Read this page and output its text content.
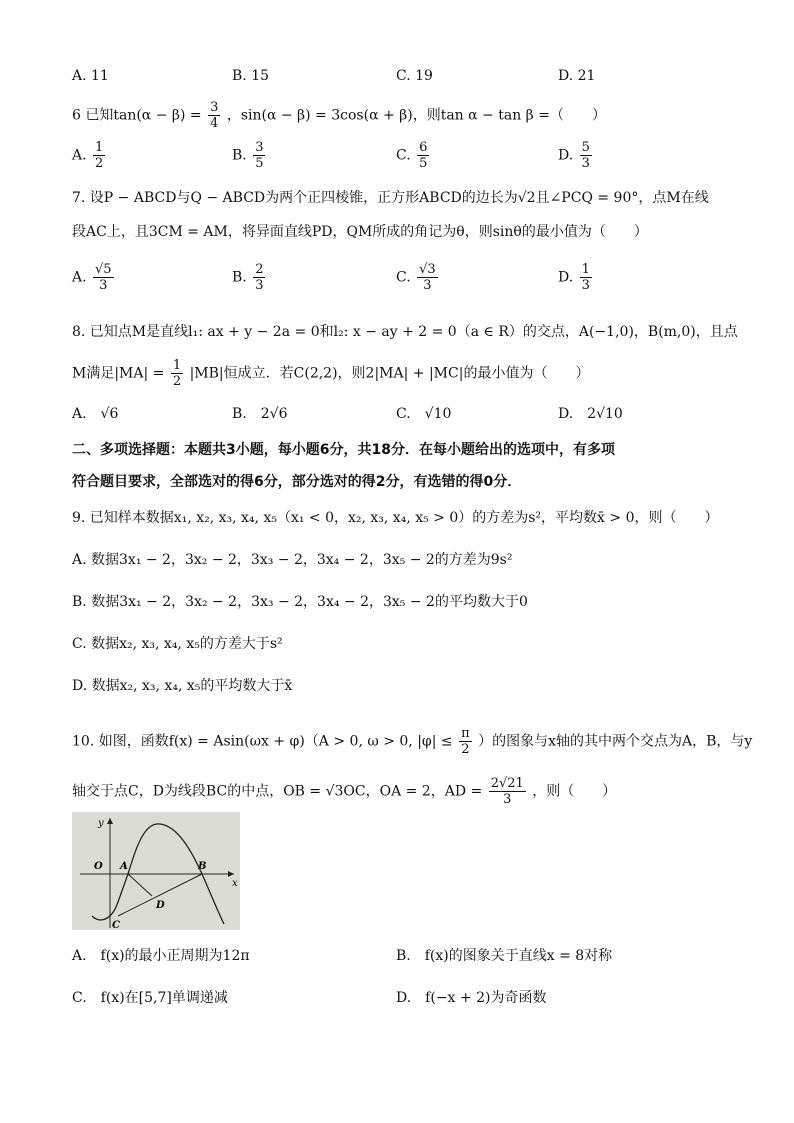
A. 11	B. 15	C. 19	D. 21
6 已知$\tan(\alpha - \beta) = \frac{3}{4}$ ，sin(α − β) = 3cos(α + β)，则tan α − tan β =（　　）
A. $\frac{1}{2}$	B. $\frac{3}{5}$	C. $\frac{6}{5}$	D. $\frac{5}{3}$
7. 设P − ABCD与Q − ABCD为两个正四棱锥，正方形ABCD的边长为√2且∠PCQ = 90°，点M在线
段AC上，且3CM = AM，将异面直线PD，QM所成的角记为θ，则sinθ的最小值为（　　）
A. $\frac{√5}{3}$	B. $\frac{2}{3}$	C. $\frac{√3}{3}$	D. $\frac{1}{3}$
8. 已知点M是直线l₁: ax + y − 2a = 0和l₂: x − ay + 2 = 0（a ∈ R）的交点，A(−1,0)，B(m,0)，且点
M满足$|MA| = \frac{1}{2} |MB|$恒成立．若C(2,2)，则2|MA| + |MC|的最小值为（　　）
A.　√6	B.　2√6	C.　√10	D.　2√10
二、多项选择题：本题共3小题，每小题6分，共18分．在每小题给出的选项中，有多项
符合题目要求，全部选对的得6分，部分选对的得2分，有选错的得0分．
9. 已知样本数据x₁, x₂, x₃, x₄, x₅（x₁ < 0，x₂, x₃, x₄, x₅ > 0）的方差为s²，平均数x̄ > 0，则（　　）
A. 数据3x₁ − 2，3x₂ − 2，3x₃ − 2，3x₄ − 2，3x₅ − 2的方差为9s²
B. 数据3x₁ − 2，3x₂ − 2，3x₃ − 2，3x₄ − 2，3x₅ − 2的平均数大于0
C. 数据x₂, x₃, x₄, x₅的方差大于s²
D. 数据x₂, x₃, x₄, x₅的平均数大于x̄
10. 如图，函数f(x) = Asin(ωx + φ)（A > 0, ω > 0, $|\varphi| \le \frac{\pi}{2}$ ）的图象与x轴的其中两个交点为A，B，与y
轴交于点C，D为线段BC的中点，OB = √3OC，OA = 2，AD = $\frac{2√21}{3}$ ，则（　　）
y
x
O A	B
C
D
A.　f(x)的最小正周期为12π	B.　f(x)的图象关于直线x = 8对称
C.　f(x)在[5,7]单调递减	D.　f(−x + 2)为奇函数
